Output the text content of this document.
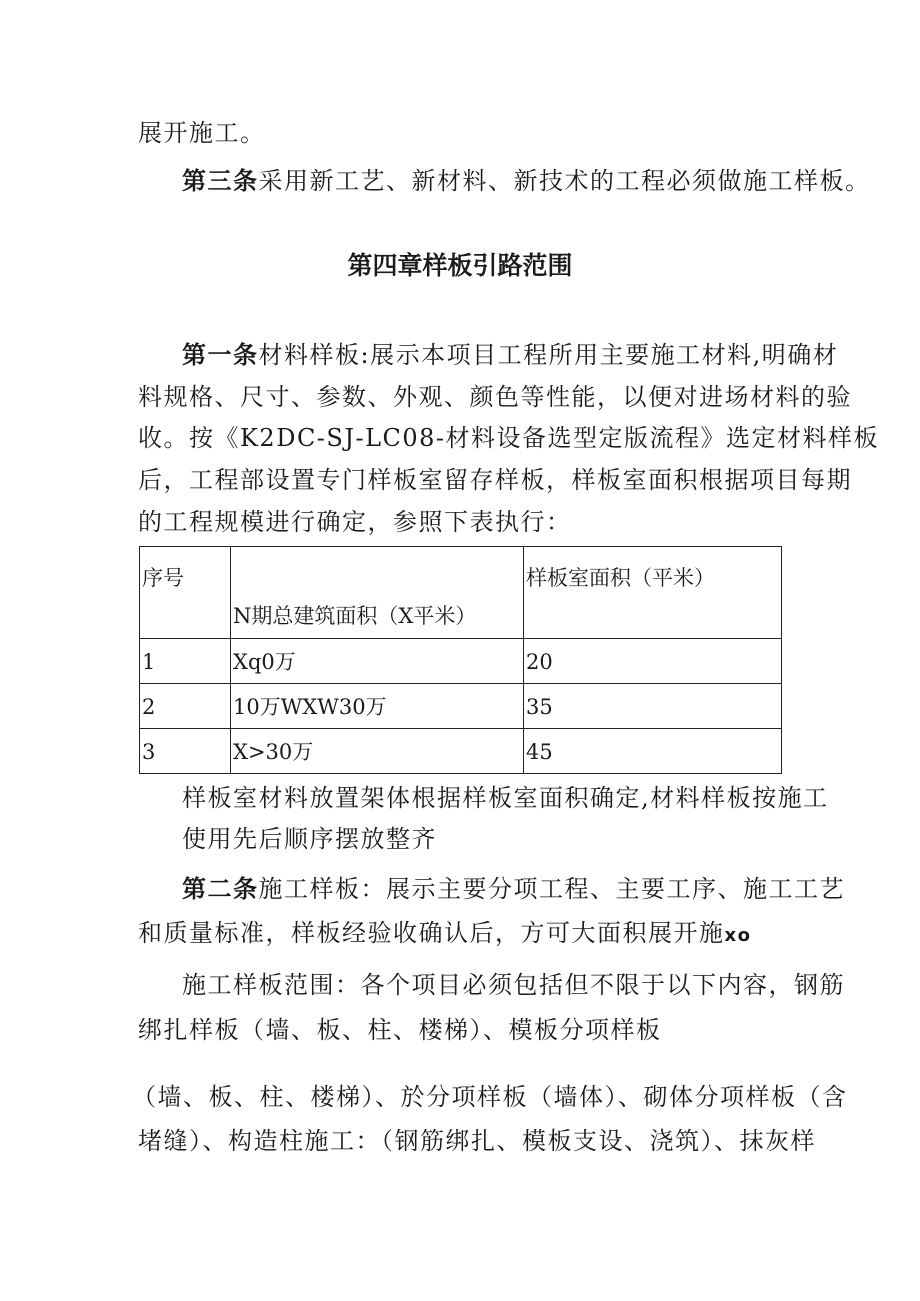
展开施工。
第三条采用新工艺、新材料、新技术的工程必须做施工样板。
第四章样板引路范围
第一条材料样板:展示本项目工程所用主要施工材料,明确材
料规格、尺寸、参数、外观、颜色等性能，以便对进场材料的验
收。按《K2DC-SJ-LC08-材料设备选型定版流程》选定材料样板
后，工程部设置专门样板室留存样板，样板室面积根据项目每期
的工程规模进行确定，参照下表执行：
序号	N期总建筑面积（X平米）	样板室面积（平米）

1	Xq0万	20

2	10万WXW30万	35

3	X>30万	45
样板室材料放置架体根据样板室面积确定,材料样板按施工
使用先后顺序摆放整齐
第二条施工样板：展示主要分项工程、主要工序、施工工艺
和质量标准，样板经验收确认后，方可大面积展开施xo
施工样板范围：各个项目必须包括但不限于以下内容，钢筋
绑扎样板（墙、板、柱、楼梯）、模板分项样板
（墙、板、柱、楼梯）、於分项样板（墙体）、砌体分项样板（含
堵缝）、构造柱施工：（钢筋绑扎、模板支设、浇筑）、抹灰样
